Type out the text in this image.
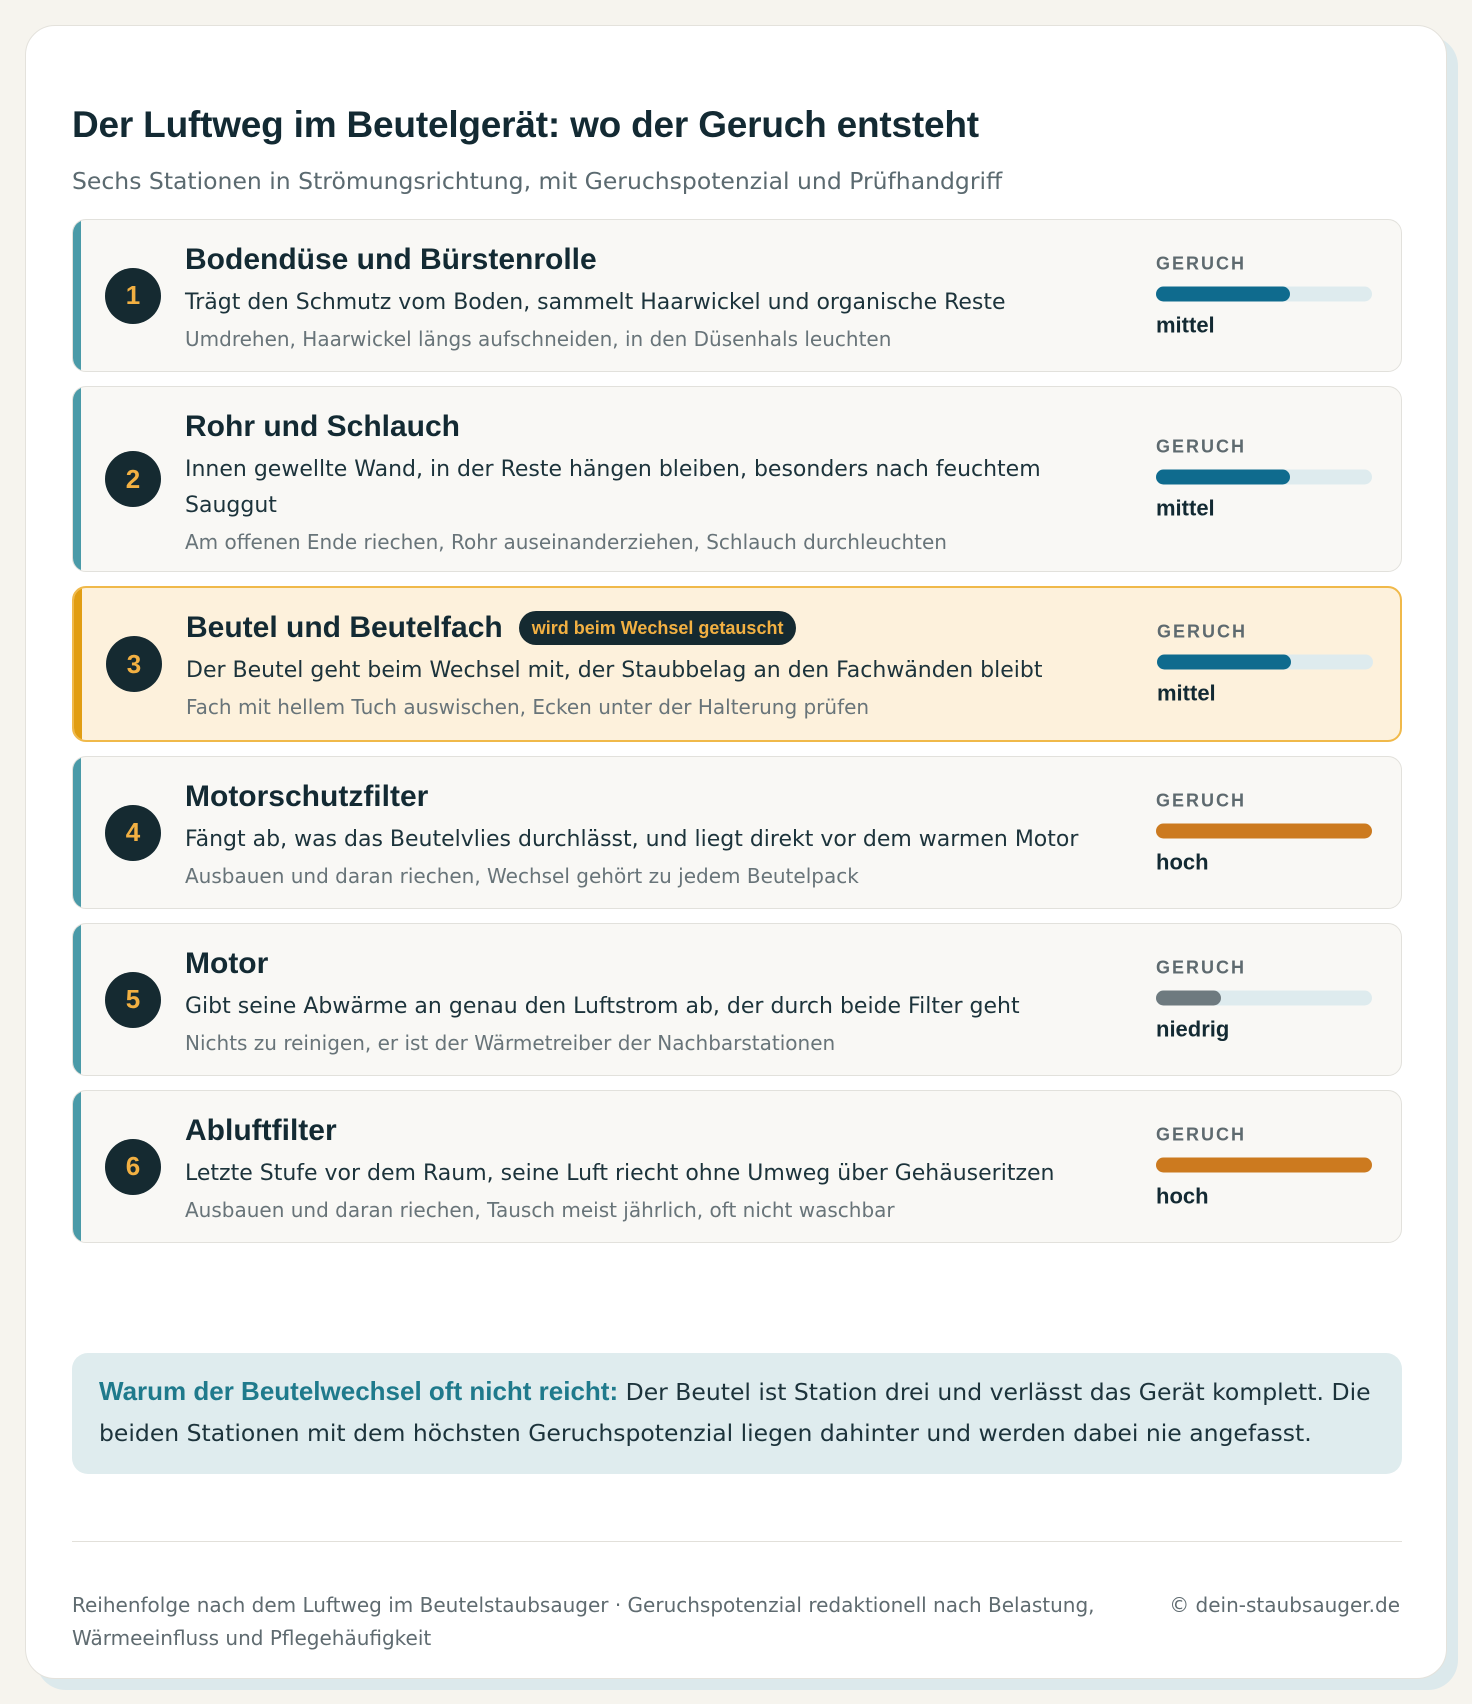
Der Luftweg im Beutelgerät: wo der Geruch entsteht

Sechs Stationen in Strömungsrichtung, mit Geruchspotenzial und Prüfhandgriff

1
Bodendüse und Bürstenrolle
Trägt den Schmutz vom Boden, sammelt Haarwickel und organische Reste
Umdrehen, Haarwickel längs aufschneiden, in den Düsenhals leuchten
GERUCH
mittel
2
Rohr und Schlauch
Innen gewellte Wand, in der Reste hängen bleiben, besonders nach feuchtem Sauggut
Am offenen Ende riechen, Rohr auseinanderziehen, Schlauch durchleuchten
GERUCH
mittel
3
Beutel und Beutelfach	wird beim Wechsel getauscht
Der Beutel geht beim Wechsel mit, der Staubbelag an den Fachwänden bleibt
Fach mit hellem Tuch auswischen, Ecken unter der Halterung prüfen
GERUCH
mittel
4
Motorschutzfilter
Fängt ab, was das Beutelvlies durchlässt, und liegt direkt vor dem warmen Motor
Ausbauen und daran riechen, Wechsel gehört zu jedem Beutelpack
GERUCH
hoch
5
Motor
Gibt seine Abwärme an genau den Luftstrom ab, der durch beide Filter geht
Nichts zu reinigen, er ist der Wärmetreiber der Nachbarstationen
GERUCH
niedrig
6
Abluftfilter
Letzte Stufe vor dem Raum, seine Luft riecht ohne Umweg über Gehäuseritzen
Ausbauen und daran riechen, Tausch meist jährlich, oft nicht waschbar
GERUCH
hoch
Warum der Beutelwechsel oft nicht reicht: Der Beutel ist Station drei und verlässt das Gerät komplett. Die beiden Stationen mit dem höchsten Geruchspotenzial liegen dahinter und werden dabei nie angefasst.
Reihenfolge nach dem Luftweg im Beutelstaubsauger · Geruchspotenzial redaktionell nach Belastung, Wärmeeinfluss und Pflegehäufigkeit
© dein-staubsauger.de
